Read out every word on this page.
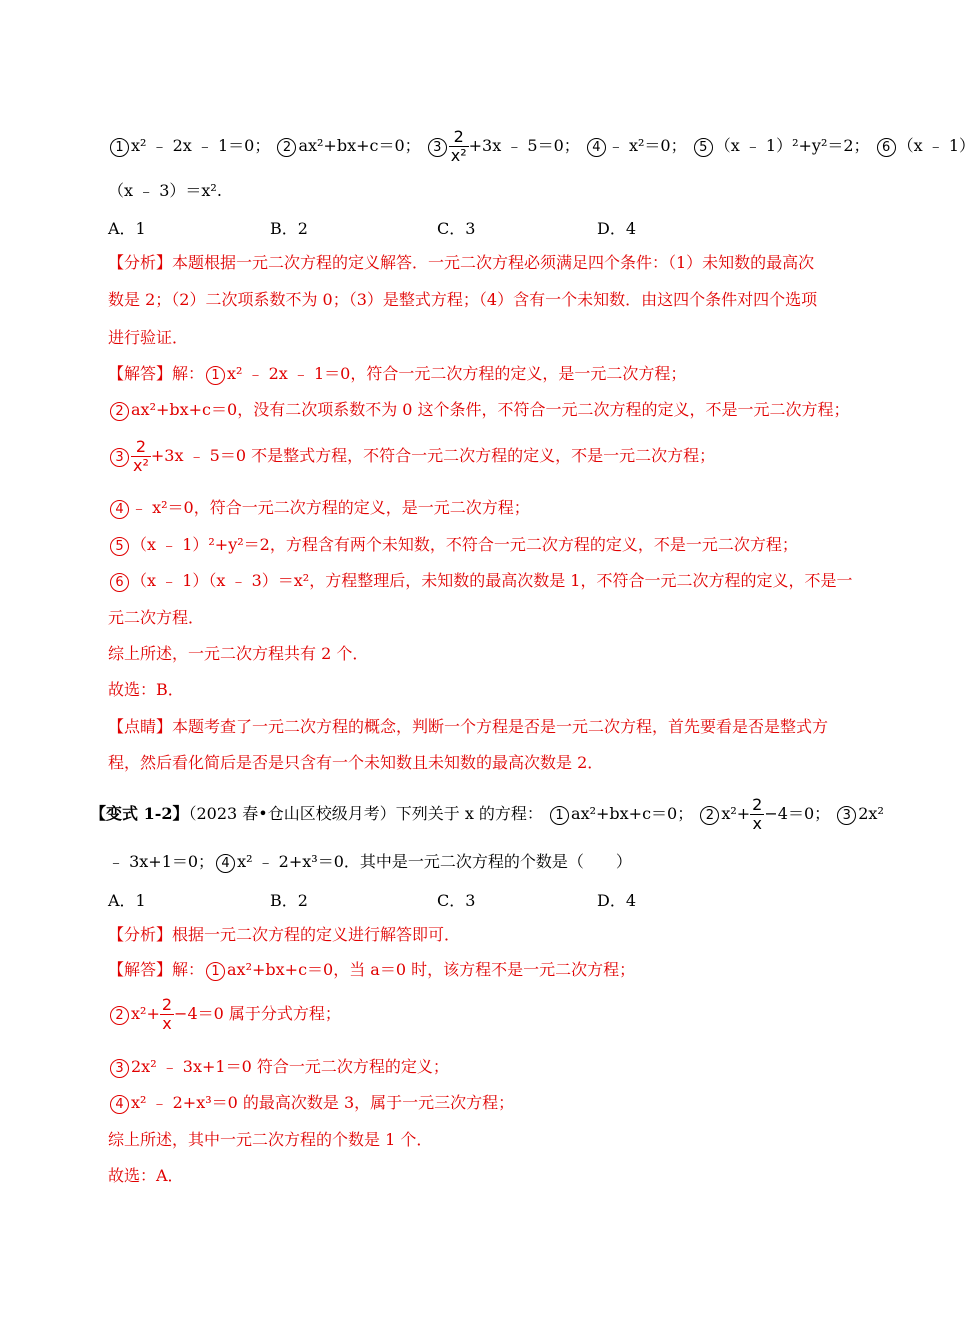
1 x² ﹣ 2x ﹣ 1＝0； 2 ax²+bx+c＝0； $3 \frac{2}{\text{x²}} +3x$ ﹣ 5＝0； 4 ﹣ x²＝0； 5 （x ﹣ 1）²+y²＝2； 6 （x ﹣ 1）
（x ﹣ 3）＝x².
A．1	B．2	C．3	D．4
【分析】本题根据一元二次方程的定义解答．一元二次方程必须满足四个条件：（1）未知数的最高次
数是 2；（2）二次项系数不为 0；（3）是整式方程；（4）含有一个未知数．由这四个条件对四个选项
进行验证．
【解答】解： 1 x² ﹣ 2x ﹣ 1＝0，符合一元二次方程的定义，是一元二次方程；
2 ax²+bx+c＝0，没有二次项系数不为 0 这个条件，不符合一元二次方程的定义，不是一元二次方程；
$3 \frac{2}{\text{x²}} +3x$ ﹣ 5＝0 不是整式方程，不符合一元二次方程的定义，不是一元二次方程；
4 ﹣ x²＝0，符合一元二次方程的定义，是一元二次方程；
5 （x ﹣ 1）²+y²＝2，方程含有两个未知数，不符合一元二次方程的定义，不是一元二次方程；
6 （x ﹣ 1）（x ﹣ 3）＝x²，方程整理后，未知数的最高次数是 1，不符合一元二次方程的定义，不是一
元二次方程．
综上所述，一元二次方程共有 2 个．
故选：B．
【点睛】本题考查了一元二次方程的概念，判断一个方程是否是一元二次方程，首先要看是否是整式方
程，然后看化简后是否是只含有一个未知数且未知数的最高次数是 2．
【变式 1-2】（2023 春•仓山区校级月考）下列关于 x 的方程： 1 ax²+bx+c＝0； 2 $x^2+ \frac{2}{x} -4=0$； 3 2x²
﹣ 3x+1＝0； 4 x² ﹣ 2+x³＝0．其中是一元二次方程的个数是（　　）
A．1	B．2	C．3	D．4
【分析】根据一元二次方程的定义进行解答即可．
【解答】解： 1 ax²+bx+c＝0，当 a＝0 时，该方程不是一元二次方程；
2 $x^2+ \frac{2}{x} -4=0$ 属于分式方程；
3 2x² ﹣ 3x+1＝0 符合一元二次方程的定义；
4 x² ﹣ 2+x³＝0 的最高次数是 3，属于一元三次方程；
综上所述，其中一元二次方程的个数是 1 个．
故选：A．
